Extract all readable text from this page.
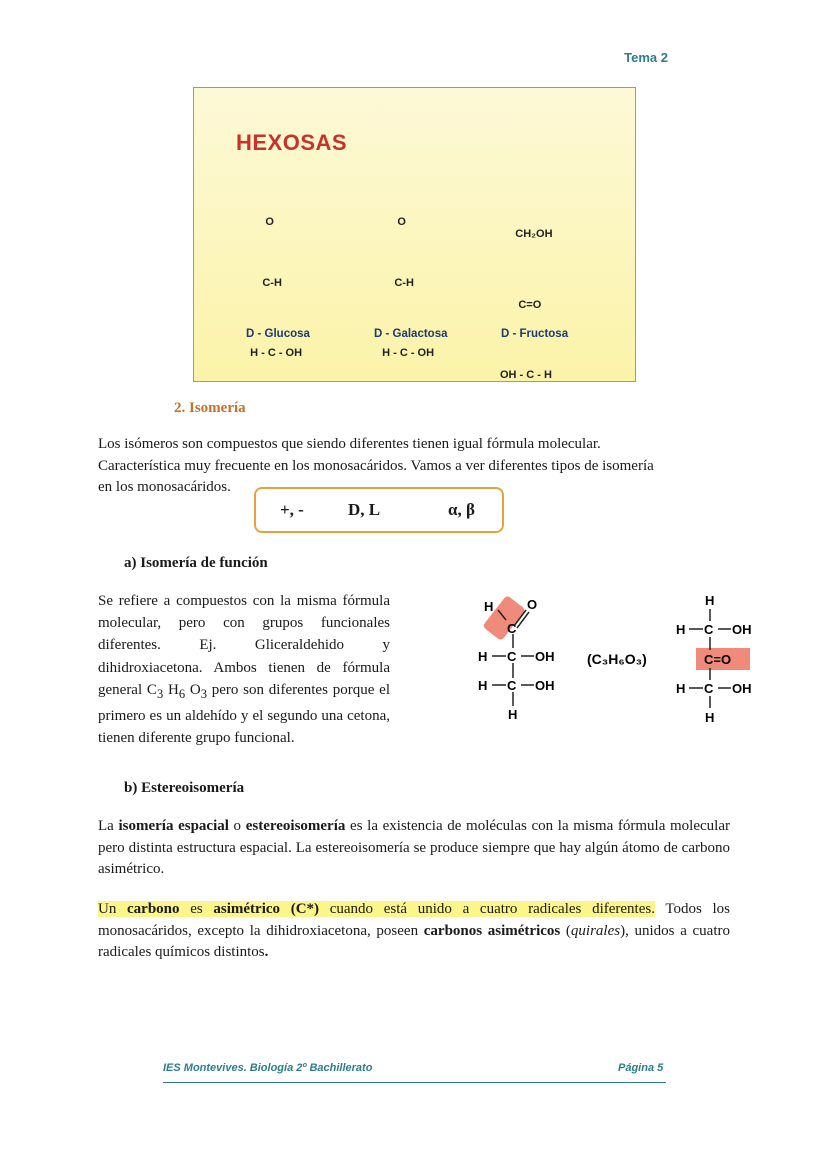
Tema 2
HEXOSAS

O

C-H

H - C - OH

D - Glucosa

O

C-H

H - C - OH

D - Galactosa

CH₂OH

C=O

OH - C - H

D - Fructosa
2. Isomería
Los isómeros son compuestos que siendo diferentes tienen igual fórmula molecular.
Característica muy frecuente en los monosacáridos. Vamos a ver diferentes tipos de isomería
en los monosacáridos.
+, -	D, L	α, β
a) Isomería de función
Se refiere a compuestos con la misma fórmula molecular, pero con grupos funcionales diferentes. Ej. Gliceraldehido y dihidroxiacetona. Ambos tienen de fórmula general $C_3$ $H_6$ $O_3$ pero son diferentes porque el primero es un aldehído y el segundo una cetona, tienen diferente grupo funcional.
H	O
C
H C OH
H C OH
H
(C₃H₆O₃)
H
H C OH
C=O
H C OH
H
b) Estereoisomería
La isomería espacial o estereoisomería es la existencia de moléculas con la misma fórmula molecular pero distinta estructura espacial. La estereoisomería se produce siempre que hay algún átomo de carbono asimétrico.
Un carbono es asimétrico (C*) cuando está unido a cuatro radicales diferentes. Todos los monosacáridos, excepto la dihidroxiacetona, poseen carbonos asimétricos (quirales), unidos a cuatro radicales químicos distintos.
IES Montevives. Biología 2º Bachillerato	Página 5
